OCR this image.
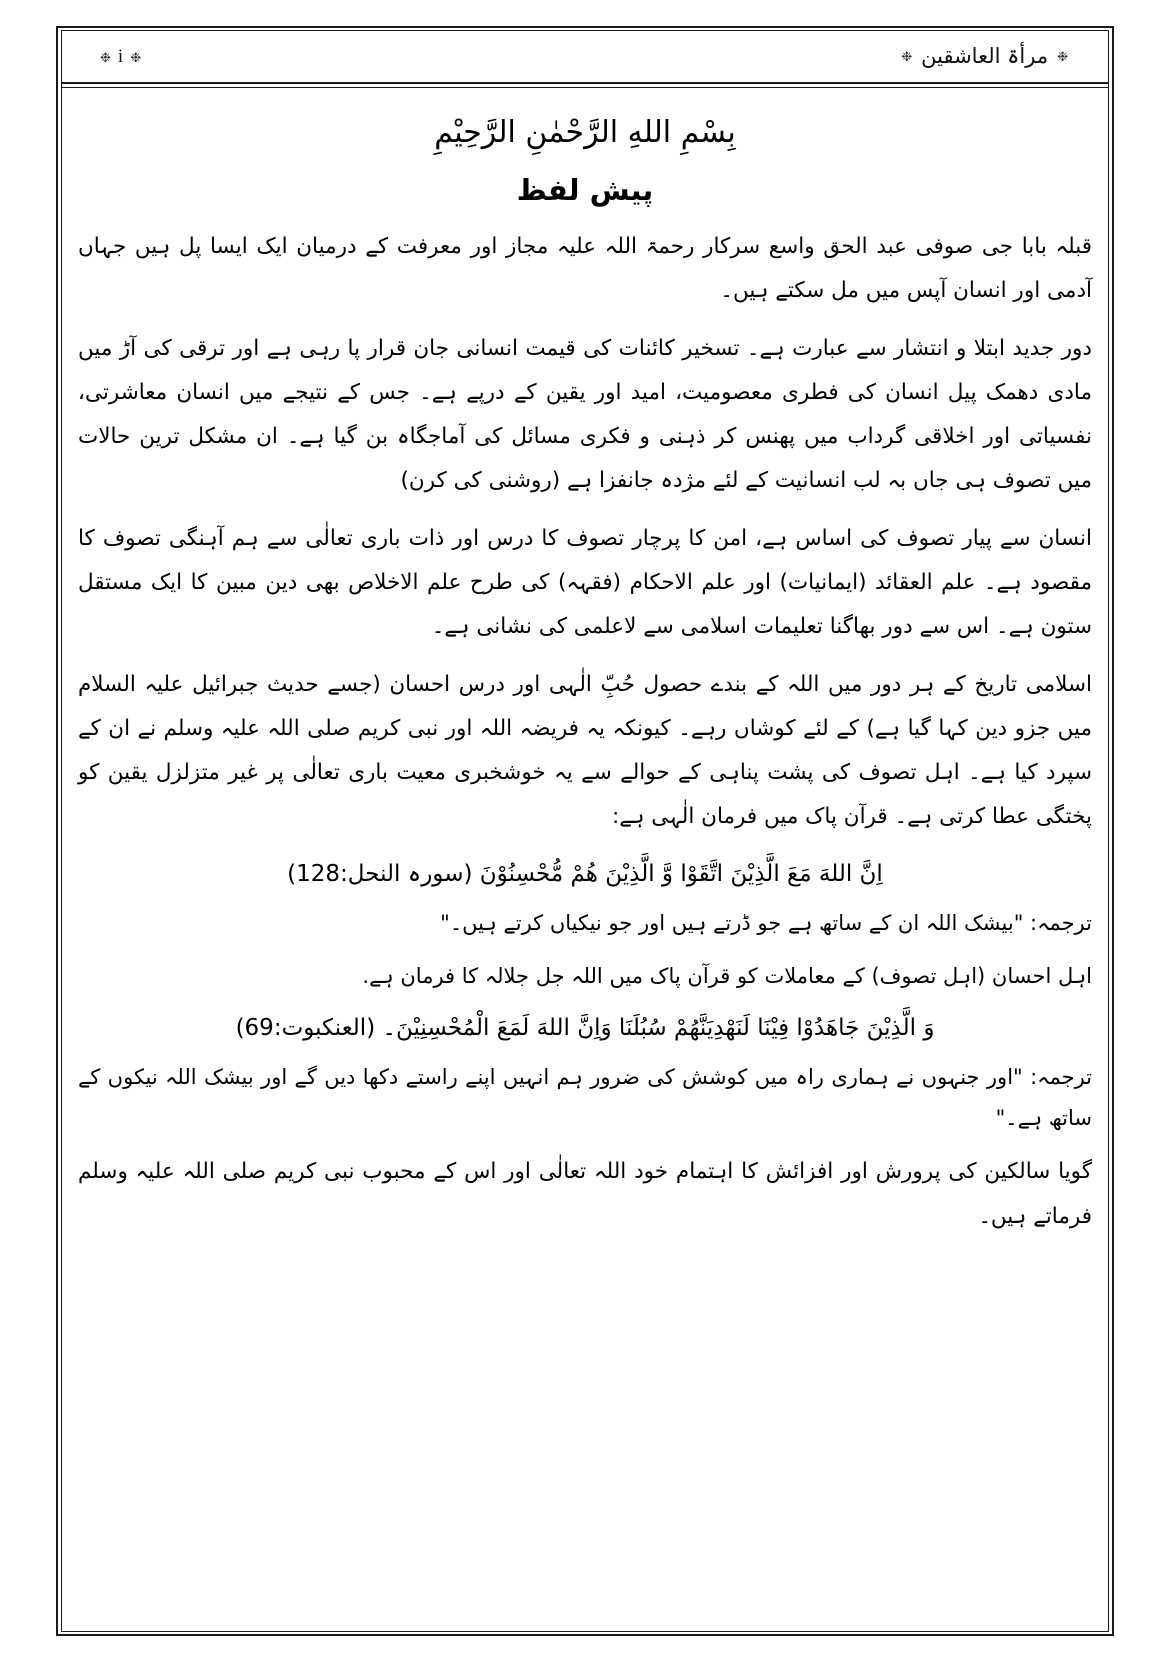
❉
مرأۃ العاشقین
❉
❉ i ❉
بِسْمِ اللهِ الرَّحْمٰنِ الرَّحِيْمِ
پیش لفظ

قبلہ بابا جی صوفی عبد الحق واسع سرکار رحمۃ اللہ علیہ مجاز اور معرفت کے درمیان ایک ایسا پل ہیں جہاں آدمی اور انسان آپس میں مل سکتے ہیں۔

دور جدید ابتلا و انتشار سے عبارت ہے۔ تسخیر کائنات کی قیمت انسانی جان قرار پا رہی ہے اور ترقی کی آڑ میں مادی دھمک پیل انسان کی فطری معصومیت، امید اور یقین کے درپے ہے۔ جس کے نتیجے میں انسان معاشرتی، نفسیاتی اور اخلاقی گرداب میں پھنس کر ذہنی و فکری مسائل کی آماجگاہ بن گیا ہے۔ ان مشکل ترین حالات میں تصوف ہی جاں بہ لب انسانیت کے لئے مژدہ جانفزا ہے (روشنی کی کرن)

انسان سے پیار تصوف کی اساس ہے، امن کا پرچار تصوف کا درس اور ذات باری تعالٰی سے ہم آہنگی تصوف کا مقصود ہے۔ علم العقائد (ایمانیات) اور علم الاحکام (فقہہ) کی طرح علم الاخلاص بھی دین مبین کا ایک مستقل ستون ہے۔ اس سے دور بھاگنا تعلیمات اسلامی سے لاعلمی کی نشانی ہے۔

اسلامی تاریخ کے ہر دور میں اللہ کے بندے حصول حُبِّ الٰہی اور درس احسان (جسے حدیث جبرائیل علیہ السلام میں جزو دین کہا گیا ہے) کے لئے کوشاں رہے۔ کیونکہ یہ فریضہ اللہ اور نبی کریم صلی اللہ علیہ وسلم نے ان کے سپرد کیا ہے۔ اہل تصوف کی پشت پناہی کے حوالے سے یہ خوشخبری معیت باری تعالٰی پر غیر متزلزل یقین کو پختگی عطا کرتی ہے۔ قرآن پاک میں فرمان الٰہی ہے:

اِنَّ اللهَ مَعَ الَّذِيْنَ اتَّقَوْا وَّ الَّذِيْنَ هُمْ مُّحْسِنُوْنَ (سورہ النحل:128)

ترجمہ: "بیشک اللہ ان کے ساتھ ہے جو ڈرتے ہیں اور جو نیکیاں کرتے ہیں۔"

اہل احسان (اہل تصوف) کے معاملات کو قرآن پاک میں اللہ جل جلالہ کا فرمان ہے.

وَ الَّذِيْنَ جَاهَدُوْا فِيْنَا لَنَهْدِيَنَّهُمْ سُبُلَنَا وَاِنَّ اللهَ لَمَعَ الْمُحْسِنِيْنَ۔ (العنکبوت:69)

ترجمہ: "اور جنہوں نے ہماری راہ میں کوشش کی ضرور ہم انہیں اپنے راستے دکھا دیں گے اور بیشک اللہ نیکوں کے ساتھ ہے۔"

گویا سالکین کی پرورش اور افزائش کا اہتمام خود اللہ تعالٰی اور اس کے محبوب نبی کریم صلی اللہ علیہ وسلم فرماتے ہیں۔
